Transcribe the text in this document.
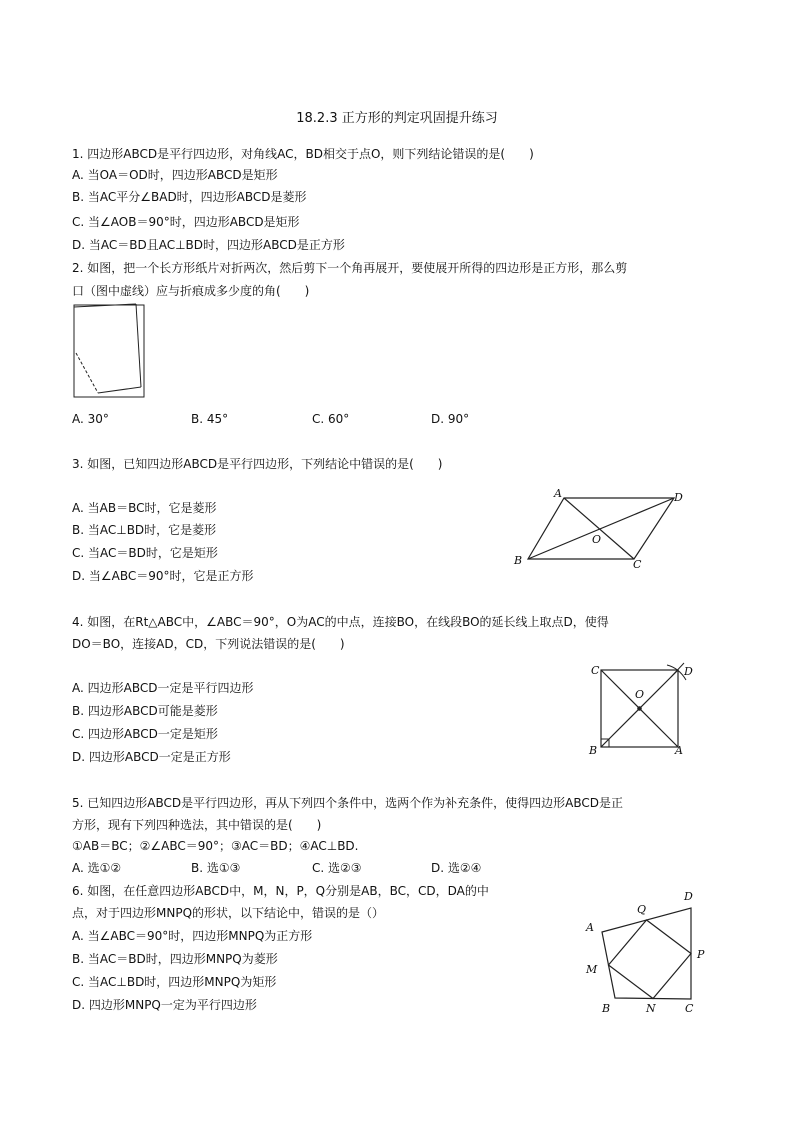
18.2.3 正方形的判定巩固提升练习
1. 四边形ABCD是平行四边形，对角线AC，BD相交于点O，则下列结论错误的是(　　)
A. 当OA＝OD时，四边形ABCD是矩形
B. 当AC平分∠BAD时，四边形ABCD是菱形
C. 当∠AOB＝90°时，四边形ABCD是矩形
D. 当AC＝BD且AC⊥BD时，四边形ABCD是正方形
2. 如图，把一个长方形纸片对折两次，然后剪下一个角再展开，要使展开所得的四边形是正方形，那么剪
口（图中虚线）应与折痕成多少度的角(　　)
A. 30°	B. 45°	C. 60°	D. 90°
3. 如图，已知四边形ABCD是平行四边形，下列结论中错误的是(　　)
A. 当AB＝BC时，它是菱形
B. 当AC⊥BD时，它是菱形
C. 当AC＝BD时，它是矩形
D. 当∠ABC＝90°时，它是正方形
A	D
O
B	C
4. 如图，在Rt△ABC中，∠ABC＝90°，O为AC的中点，连接BO，在线段BO的延长线上取点D，使得
DO＝BO，连接AD，CD，下列说法错误的是(　　)
A. 四边形ABCD一定是平行四边形
B. 四边形ABCD可能是菱形
C. 四边形ABCD一定是矩形
D. 四边形ABCD一定是正方形
C	D
O
B	A
5. 已知四边形ABCD是平行四边形，再从下列四个条件中，选两个作为补充条件，使得四边形ABCD是正
方形，现有下列四种选法，其中错误的是(　　)
①AB＝BC；②∠ABC＝90°；③AC＝BD；④AC⊥BD.
A. 选①②	B. 选①③	C. 选②③	D. 选②④
6. 如图，在任意四边形ABCD中，M，N，P，Q分别是AB，BC，CD，DA的中
点，对于四边形MNPQ的形状，以下结论中，错误的是（）
A. 当∠ABC＝90°时，四边形MNPQ为正方形
B. 当AC＝BD时，四边形MNPQ为菱形
C. 当AC⊥BD时，四边形MNPQ为矩形
D. 四边形MNPQ一定为平行四边形
D
Q
A
P
M
B	N	C
